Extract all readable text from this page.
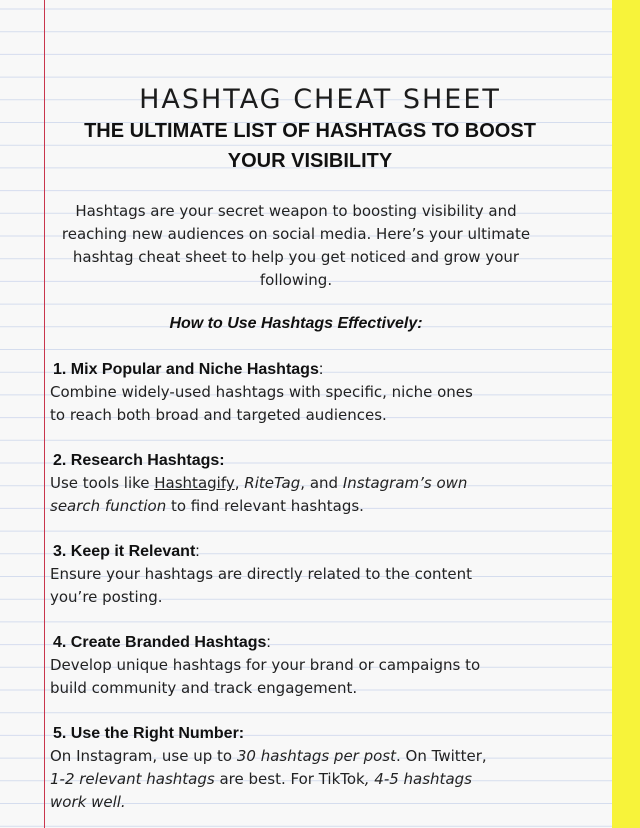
HASHTAG CHEAT SHEET
THE ULTIMATE LIST OF HASHTAGS TO BOOST YOUR VISIBILITY
Hashtags are your secret weapon to boosting visibility and reaching new audiences on social media. Here’s your ultimate hashtag cheat sheet to help you get noticed and grow your following.
How to Use Hashtags Effectively:
1. Mix Popular and Niche Hashtags:
Combine widely-used hashtags with specific, niche ones
to reach both broad and targeted audiences.
2. Research Hashtags:
Use tools like Hashtagify, RiteTag, and Instagram’s own
search function to find relevant hashtags.
3. Keep it Relevant:
Ensure your hashtags are directly related to the content
you’re posting.
4. Create Branded Hashtags:
Develop unique hashtags for your brand or campaigns to
build community and track engagement.
5. Use the Right Number:
On Instagram, use up to 30 hashtags per post. On Twitter,
1-2 relevant hashtags are best. For TikTok, 4-5 hashtags
work well.
